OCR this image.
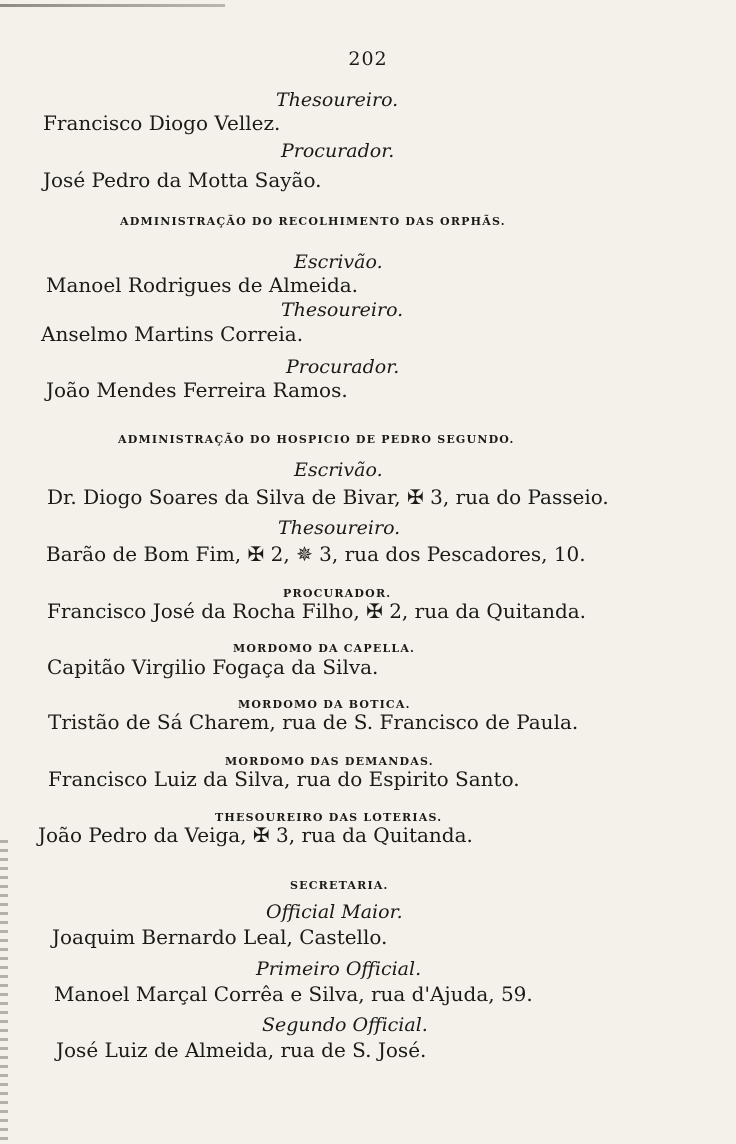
202
Thesoureiro.
Francisco Diogo Vellez.
Procurador.
José Pedro da Motta Sayão.
ADMINISTRAÇÃO DO RECOLHIMENTO DAS ORPHÃS.
Escrivão.
Manoel Rodrigues de Almeida.
Thesoureiro.
Anselmo Martins Correia.
Procurador.
João Mendes Ferreira Ramos.
ADMINISTRAÇÃO DO HOSPICIO DE PEDRO SEGUNDO.
Escrivão.
Dr. Diogo Soares da Silva de Bivar, ✠ 3, rua do Passeio.
Thesoureiro.
Barão de Bom Fim, ✠ 2, ✵ 3, rua dos Pescadores, 10.
PROCURADOR.
Francisco José da Rocha Filho, ✠ 2, rua da Quitanda.
MORDOMO DA CAPELLA.
Capitão Virgilio Fogaça da Silva.
MORDOMO DA BOTICA.
Tristão de Sá Charem, rua de S. Francisco de Paula.
MORDOMO DAS DEMANDAS.
Francisco Luiz da Silva, rua do Espirito Santo.
THESOUREIRO DAS LOTERIAS.
João Pedro da Veiga, ✠ 3, rua da Quitanda.
SECRETARIA.
Official Maior.
Joaquim Bernardo Leal, Castello.
Primeiro Official.
Manoel Marçal Corrêa e Silva, rua d'Ajuda, 59.
Segundo Official.
José Luiz de Almeida, rua de S. José.
